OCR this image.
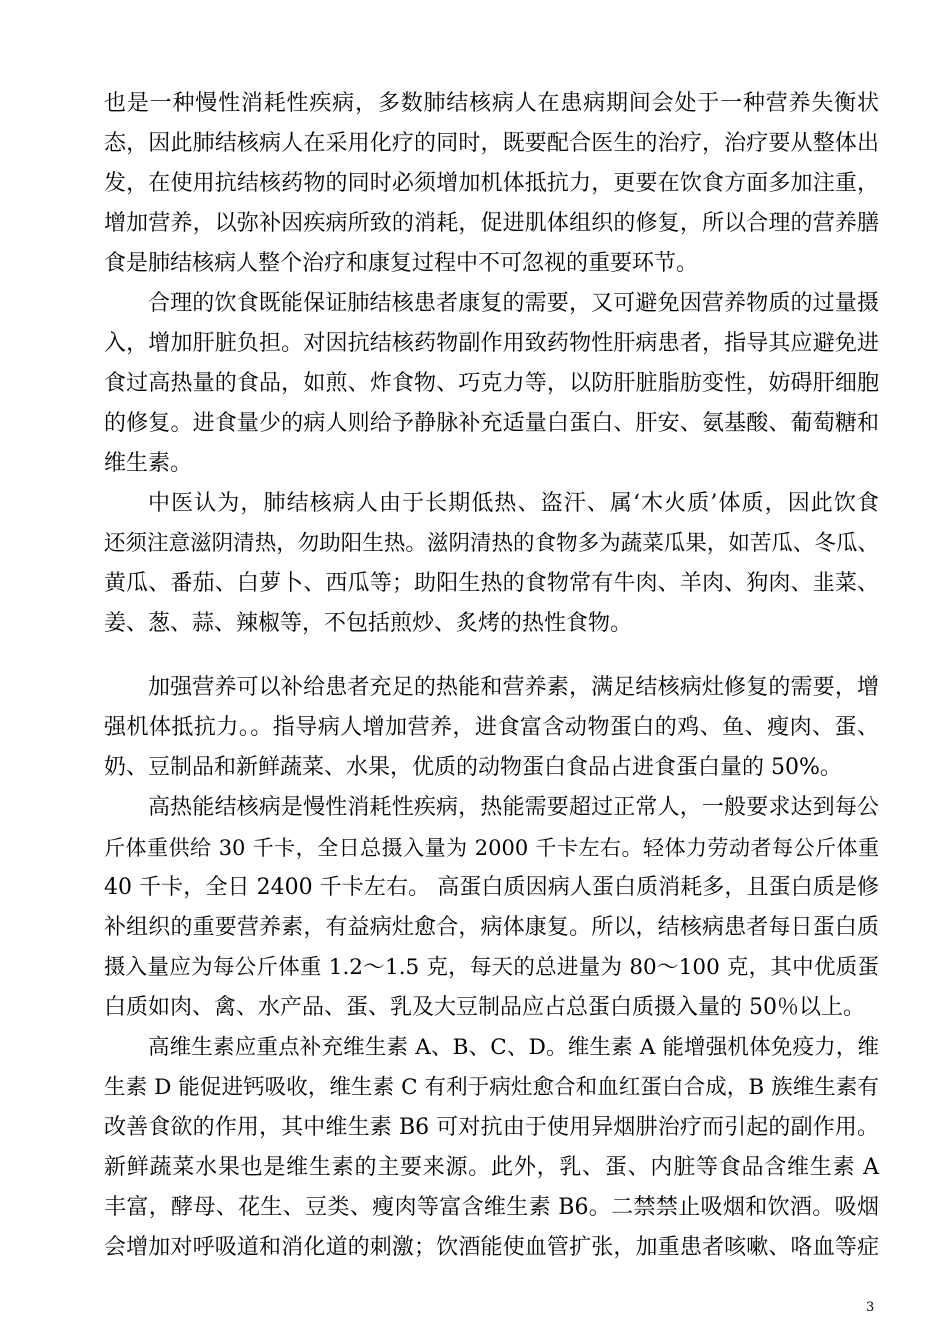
也是一种慢性消耗性疾病，多数肺结核病人在患病期间会处于一种营养失衡状
态，因此肺结核病人在采用化疗的同时，既要配合医生的治疗，治疗要从整体出
发，在使用抗结核药物的同时必须增加机体抵抗力，更要在饮食方面多加注重，
增加营养，以弥补因疾病所致的消耗，促进肌体组织的修复，所以合理的营养膳
食是肺结核病人整个治疗和康复过程中不可忽视的重要环节。
合理的饮食既能保证肺结核患者康复的需要，又可避免因营养物质的过量摄
入，增加肝脏负担。对因抗结核药物副作用致药物性肝病患者，指导其应避免进
食过高热量的食品，如煎、炸食物、巧克力等，以防肝脏脂肪变性，妨碍肝细胞
的修复。进食量少的病人则给予静脉补充适量白蛋白、肝安、氨基酸、葡萄糖和
维生素。
中医认为，肺结核病人由于长期低热、盗汗、属‘木火质’体质，因此饮食
还须注意滋阴清热，勿助阳生热。滋阴清热的食物多为蔬菜瓜果，如苦瓜、冬瓜、
黄瓜、番茄、白萝卜、西瓜等；助阳生热的食物常有牛肉、羊肉、狗肉、韭菜、
姜、葱、蒜、辣椒等，不包括煎炒、炙烤的热性食物。
加强营养可以补给患者充足的热能和营养素，满足结核病灶修复的需要，增
强机体抵抗力。。指导病人增加营养，进食富含动物蛋白的鸡、鱼、瘦肉、蛋、
奶、豆制品和新鲜蔬菜、水果，优质的动物蛋白食品占进食蛋白量的 50%。
高热能结核病是慢性消耗性疾病，热能需要超过正常人，一般要求达到每公
斤体重供给 30 千卡，全日总摄入量为 2000 千卡左右。轻体力劳动者每公斤体重
40 千卡，全日 2400 千卡左右。 高蛋白质因病人蛋白质消耗多，且蛋白质是修
补组织的重要营养素，有益病灶愈合，病体康复。所以，结核病患者每日蛋白质
摄入量应为每公斤体重 1.2～1.5 克，每天的总进量为 80～100 克，其中优质蛋
白质如肉、禽、水产品、蛋、乳及大豆制品应占总蛋白质摄入量的 50％以上。
高维生素应重点补充维生素 A、B、C、D。维生素 A 能增强机体免疫力，维
生素 D 能促进钙吸收，维生素 C 有利于病灶愈合和血红蛋白合成，B 族维生素有
改善食欲的作用，其中维生素 B6 可对抗由于使用异烟肼治疗而引起的副作用。
新鲜蔬菜水果也是维生素的主要来源。此外，乳、蛋、内脏等食品含维生素 A
丰富，酵母、花生、豆类、瘦肉等富含维生素 B6。二禁禁止吸烟和饮酒。吸烟
会增加对呼吸道和消化道的刺激；饮酒能使血管扩张，加重患者咳嗽、咯血等症
3
